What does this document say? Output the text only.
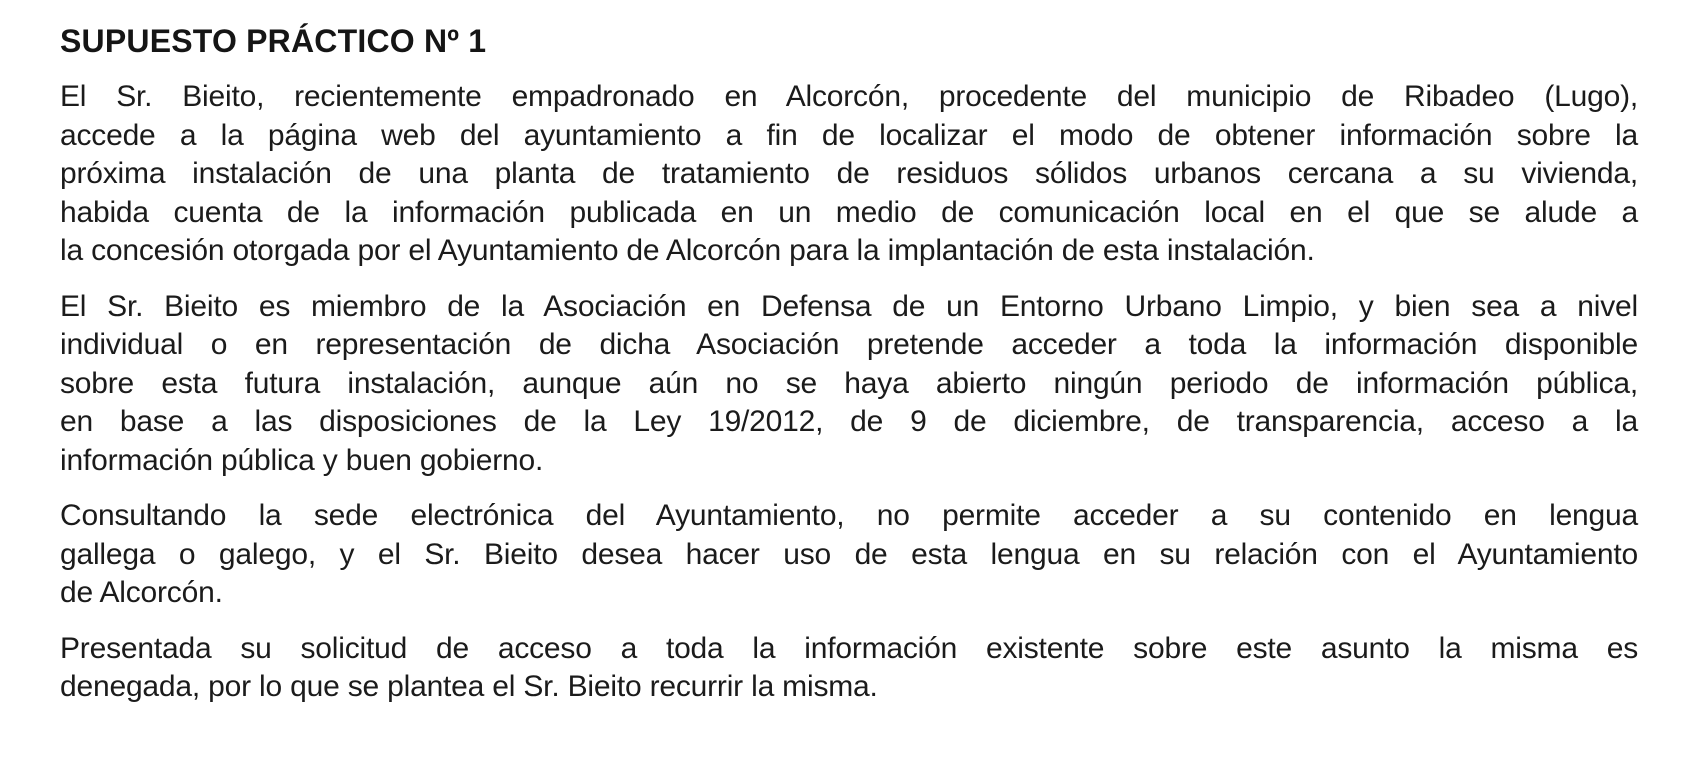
SUPUESTO PRÁCTICO Nº 1
El Sr. Bieito, recientemente empadronado en Alcorcón, procedente del municipio de Ribadeo (Lugo),
accede a la página web del ayuntamiento a fin de localizar el modo de obtener información sobre la
próxima instalación de una planta de tratamiento de residuos sólidos urbanos cercana a su vivienda,
habida cuenta de la información publicada en un medio de comunicación local en el que se alude a
la concesión otorgada por el Ayuntamiento de Alcorcón para la implantación de esta instalación.
El Sr. Bieito es miembro de la Asociación en Defensa de un Entorno Urbano Limpio, y bien sea a nivel
individual o en representación de dicha Asociación pretende acceder a toda la información disponible
sobre esta futura instalación, aunque aún no se haya abierto ningún periodo de información pública,
en base a las disposiciones de la Ley 19/2012, de 9 de diciembre, de transparencia, acceso a la
información pública y buen gobierno.
Consultando la sede electrónica del Ayuntamiento, no permite acceder a su contenido en lengua
gallega o galego, y el Sr. Bieito desea hacer uso de esta lengua en su relación con el Ayuntamiento
de Alcorcón.
Presentada su solicitud de acceso a toda la información existente sobre este asunto la misma es
denegada, por lo que se plantea el Sr. Bieito recurrir la misma.
